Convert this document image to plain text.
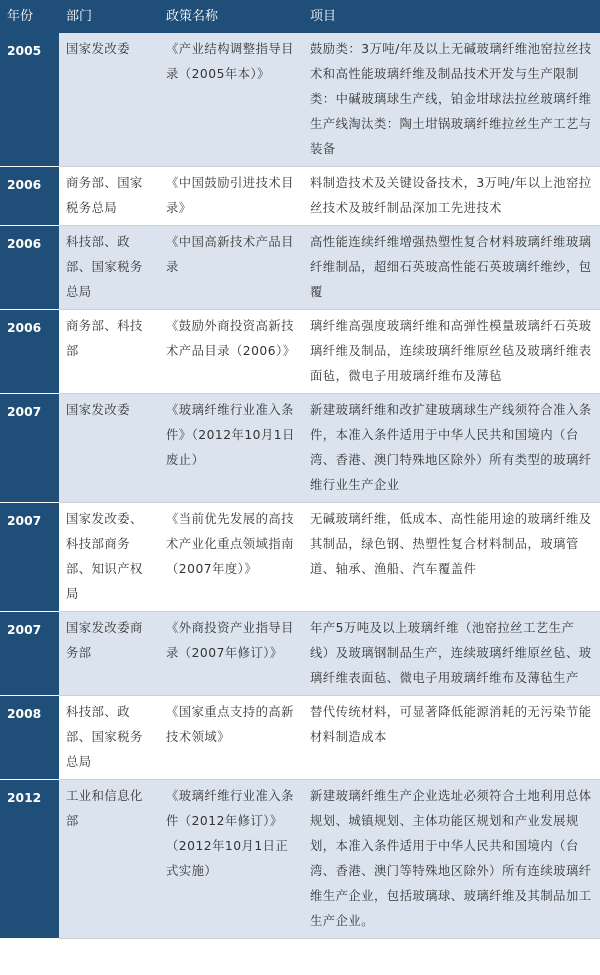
年份	部门	政策名称	项目
2005	国家发改委	《产业结构调整指导目录（2005年本）》	鼓励类：3万吨/年及以上无碱玻璃纤维池窑拉丝技术和高性能玻璃纤维及制品技术开发与生产限制类：中碱玻璃球生产线，铂金坩球法拉丝玻璃纤维生产线淘汰类：陶土坩锅玻璃纤维拉丝生产工艺与装备
2006	商务部、国家税务总局	《中国鼓励引进技术目录》	料制造技术及关键设备技术，3万吨/年以上池窑拉丝技术及玻纤制品深加工先进技术
2006	科技部、政部、国家税务总局	《中国高新技术产品目录	高性能连续纤维增强热塑性复合材料玻璃纤维玻璃纤维制品，超细石英玻高性能石英玻璃纤维纱，包覆
2006	商务部、科技部	《鼓励外商投资高新技术产品目录（2006）》	璃纤维高强度玻璃纤维和高弹性模量玻璃纤石英玻璃纤维及制品，连续玻璃纤维原丝毡及玻璃纤维表面毡，微电子用玻璃纤维布及薄毡
2007	国家发改委	《玻璃纤维行业准入条件》（2012年10月1日废止）	新建玻璃纤维和改扩建玻璃球生产线须符合准入条件，本准入条件适用于中华人民共和国境内（台湾、香港、澳门特殊地区除外）所有类型的玻璃纤维行业生产企业
2007	国家发改委、科技部商务部、知识产权局	《当前优先发展的高技术产业化重点领域指南（2007年度）》	无碱玻璃纤维，低成本、高性能用途的玻璃纤维及其制品，绿色钢、热塑性复合材料制品，玻璃管道、轴承、渔船、汽车覆盖件
2007	国家发改委商务部	《外商投资产业指导目录（2007年修订）》	年产5万吨及以上玻璃纤维（池窑拉丝工艺生产线）及玻璃钢制品生产，连续玻璃纤维原丝毡、玻璃纤维表面毡、微电子用玻璃纤维布及薄毡生产
2008	科技部、政部、国家税务总局	《国家重点支持的高新技术领域》	替代传统材料，可显著降低能源消耗的无污染节能材料制造成本
2012	工业和信息化部	《玻璃纤维行业准入条件（2012年修订）》（2012年10月1日正式实施）	新建玻璃纤维生产企业选址必须符合土地利用总体规划、城镇规划、主体功能区规划和产业发展规划，本准入条件适用于中华人民共和国境内（台湾、香港、澳门等特殊地区除外）所有连续玻璃纤维生产企业，包括玻璃球、玻璃纤维及其制品加工生产企业。
